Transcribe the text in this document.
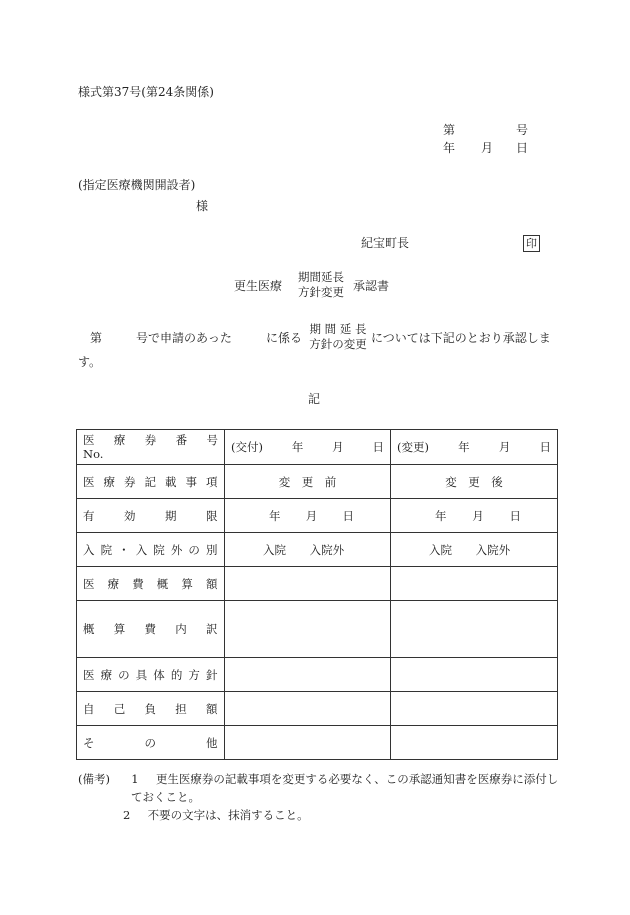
様式第37号(第24条関係)
第	号
年 月 日
(指定医療機関開設者)
様
紀宝町長	印
更生医療
期間延長
方針変更 承認書
第	号で申請のあった	に係る
期 間 延 長
方針の変更 については下記のとおり承認しま
す。
記
医療券番号
No.	(交付) 年 月 日	(変更) 年 月 日

医療券記載事項	変　更　前	変　更　後
有効期限	年 月 日	年 月 日

入院・入院外の別	入院 入院外	入院 入院外
医療費概算額		
概算費内訳		
医療の具体的方針		
自己負担額		
その他		
(備考) 1 更生医療券の記載事項を変更する必要なく、この承認通知書を医療券に添付し
ておくこと。
2 不要の文字は、抹消すること。
